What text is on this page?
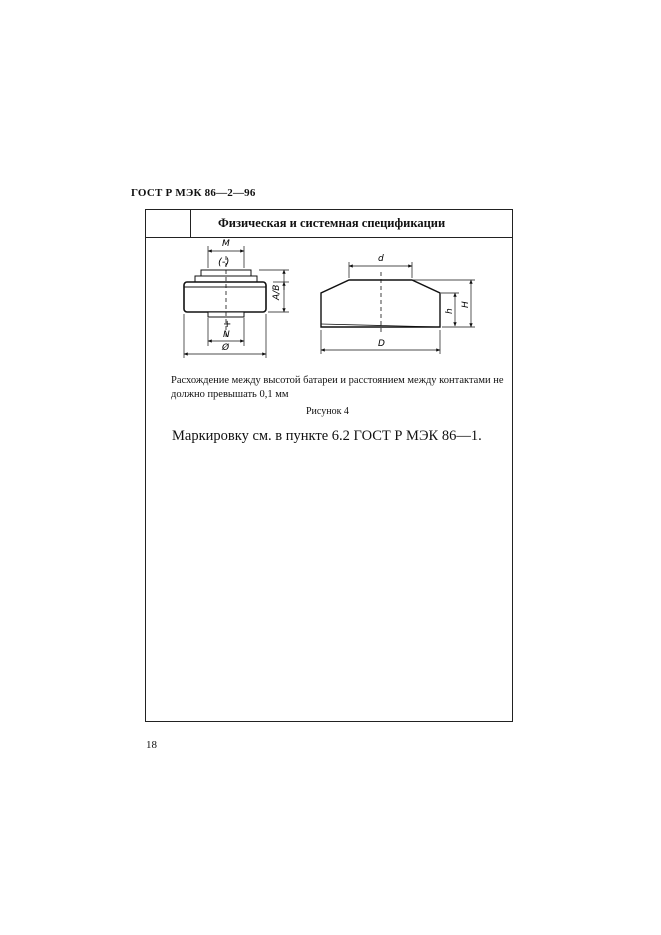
ГОСТ Р МЭК 86—2—96
Физическая и системная спецификации
M
(-)
A/B
+
N
Ø
d
D
h
H
Расхождение между высотой батареи и расстоянием между контактами не должно превышать 0,1 мм
Рисунок 4
Маркировку см. в пункте 6.2 ГОСТ Р МЭК 86—1.
18
